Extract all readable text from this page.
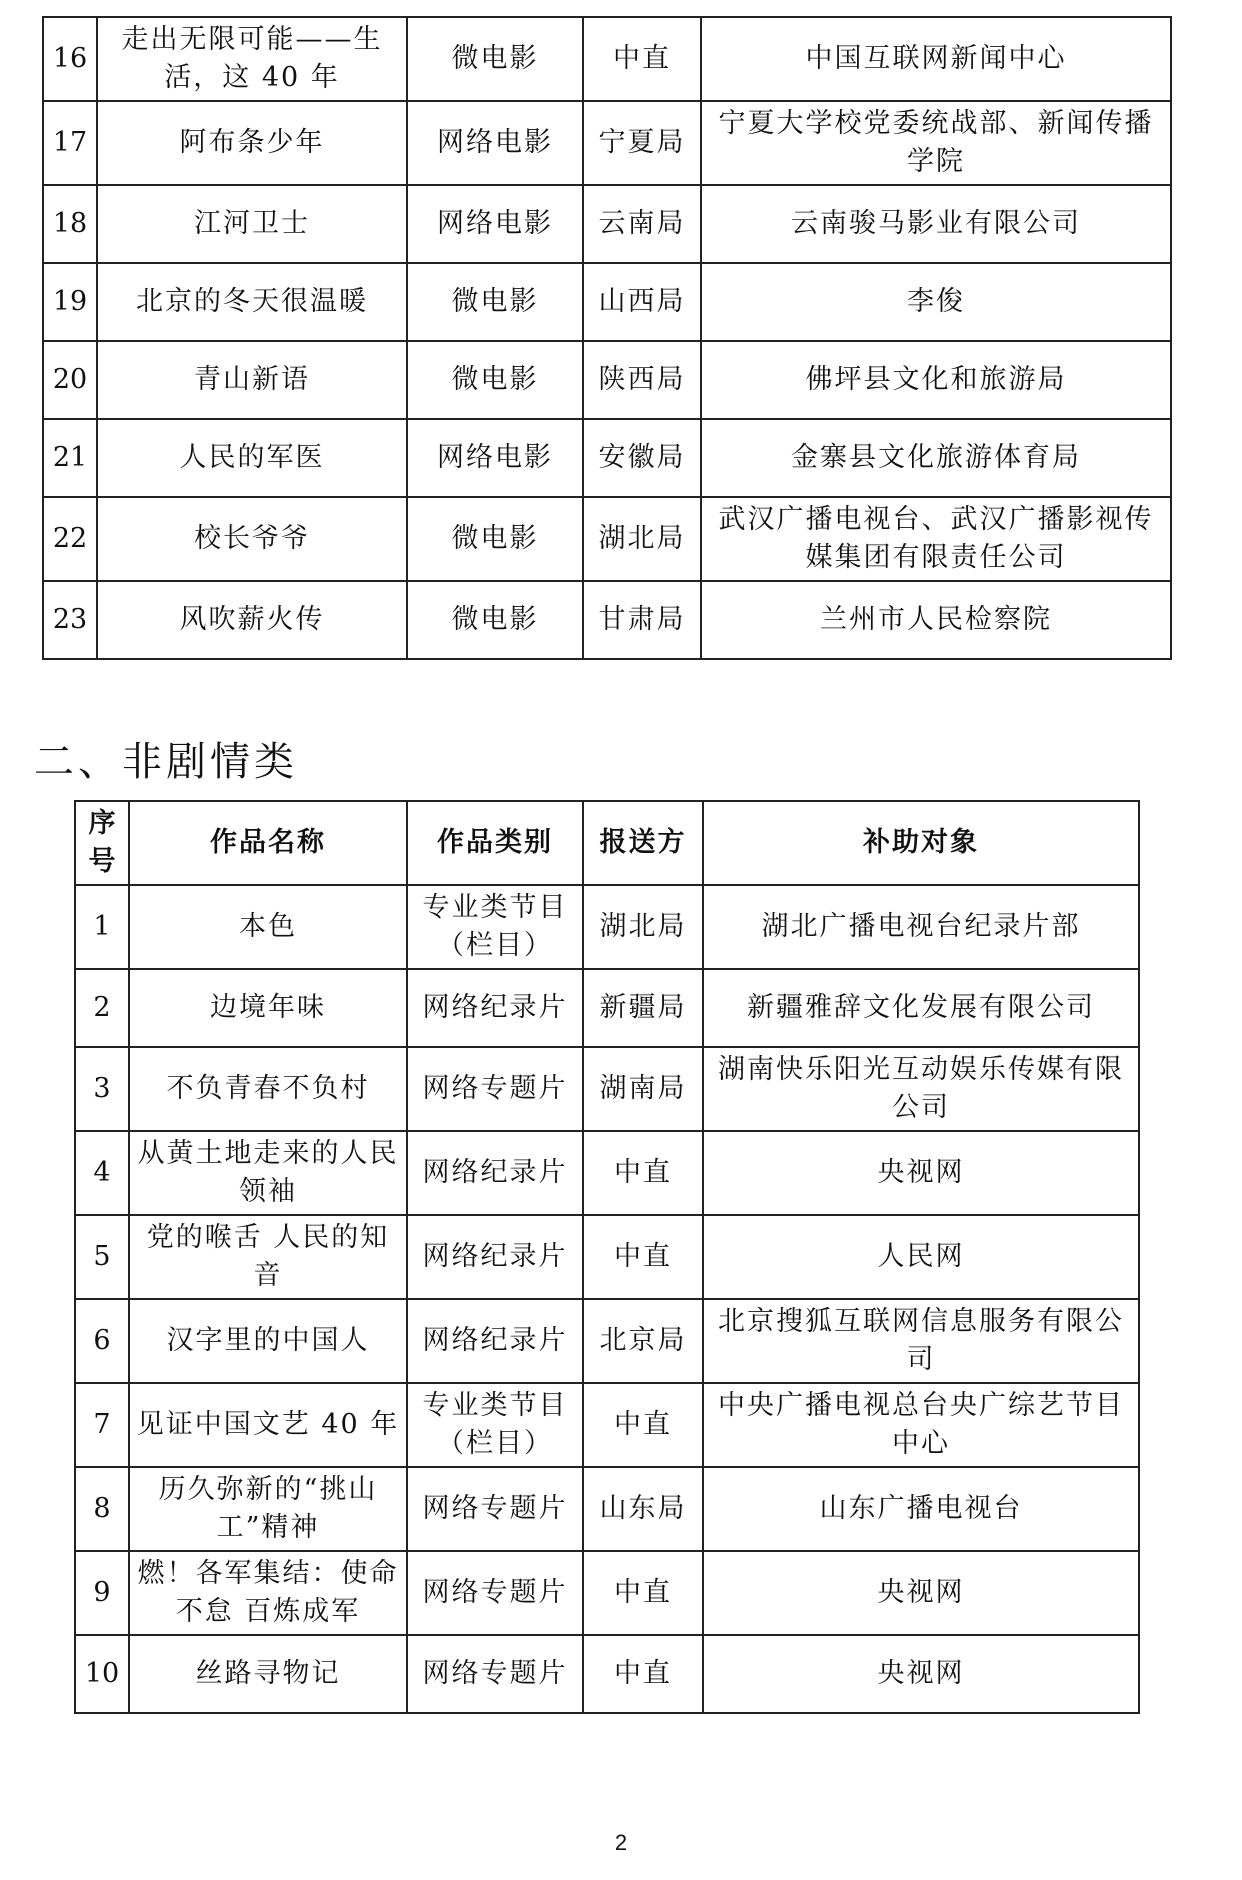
16	走出无限可能——生活，这 40 年	微电影	中直	中国互联网新闻中心
17	阿布条少年	网络电影	宁夏局	宁夏大学校党委统战部、新闻传播学院
18	江河卫士	网络电影	云南局	云南骏马影业有限公司
19	北京的冬天很温暖	微电影	山西局	李俊
20	青山新语	微电影	陕西局	佛坪县文化和旅游局
21	人民的军医	网络电影	安徽局	金寨县文化旅游体育局
22	校长爷爷	微电影	湖北局	武汉广播电视台、武汉广播影视传媒集团有限责任公司
23	风吹薪火传	微电影	甘肃局	兰州市人民检察院
二、非剧情类
序号	作品名称	作品类别	报送方	补助对象
1	本色	专业类节目（栏目）	湖北局	湖北广播电视台纪录片部
2	边境年味	网络纪录片	新疆局	新疆雅辞文化发展有限公司
3	不负青春不负村	网络专题片	湖南局	湖南快乐阳光互动娱乐传媒有限公司
4	从黄土地走来的人民领袖	网络纪录片	中直	央视网
5	党的喉舌 人民的知音	网络纪录片	中直	人民网
6	汉字里的中国人	网络纪录片	北京局	北京搜狐互联网信息服务有限公司
7	见证中国文艺 40 年	专业类节目（栏目）	中直	中央广播电视总台央广综艺节目中心
8	历久弥新的“挑山工”精神	网络专题片	山东局	山东广播电视台
9	燃！各军集结：使命不怠 百炼成军	网络专题片	中直	央视网
10	丝路寻物记	网络专题片	中直	央视网
2
